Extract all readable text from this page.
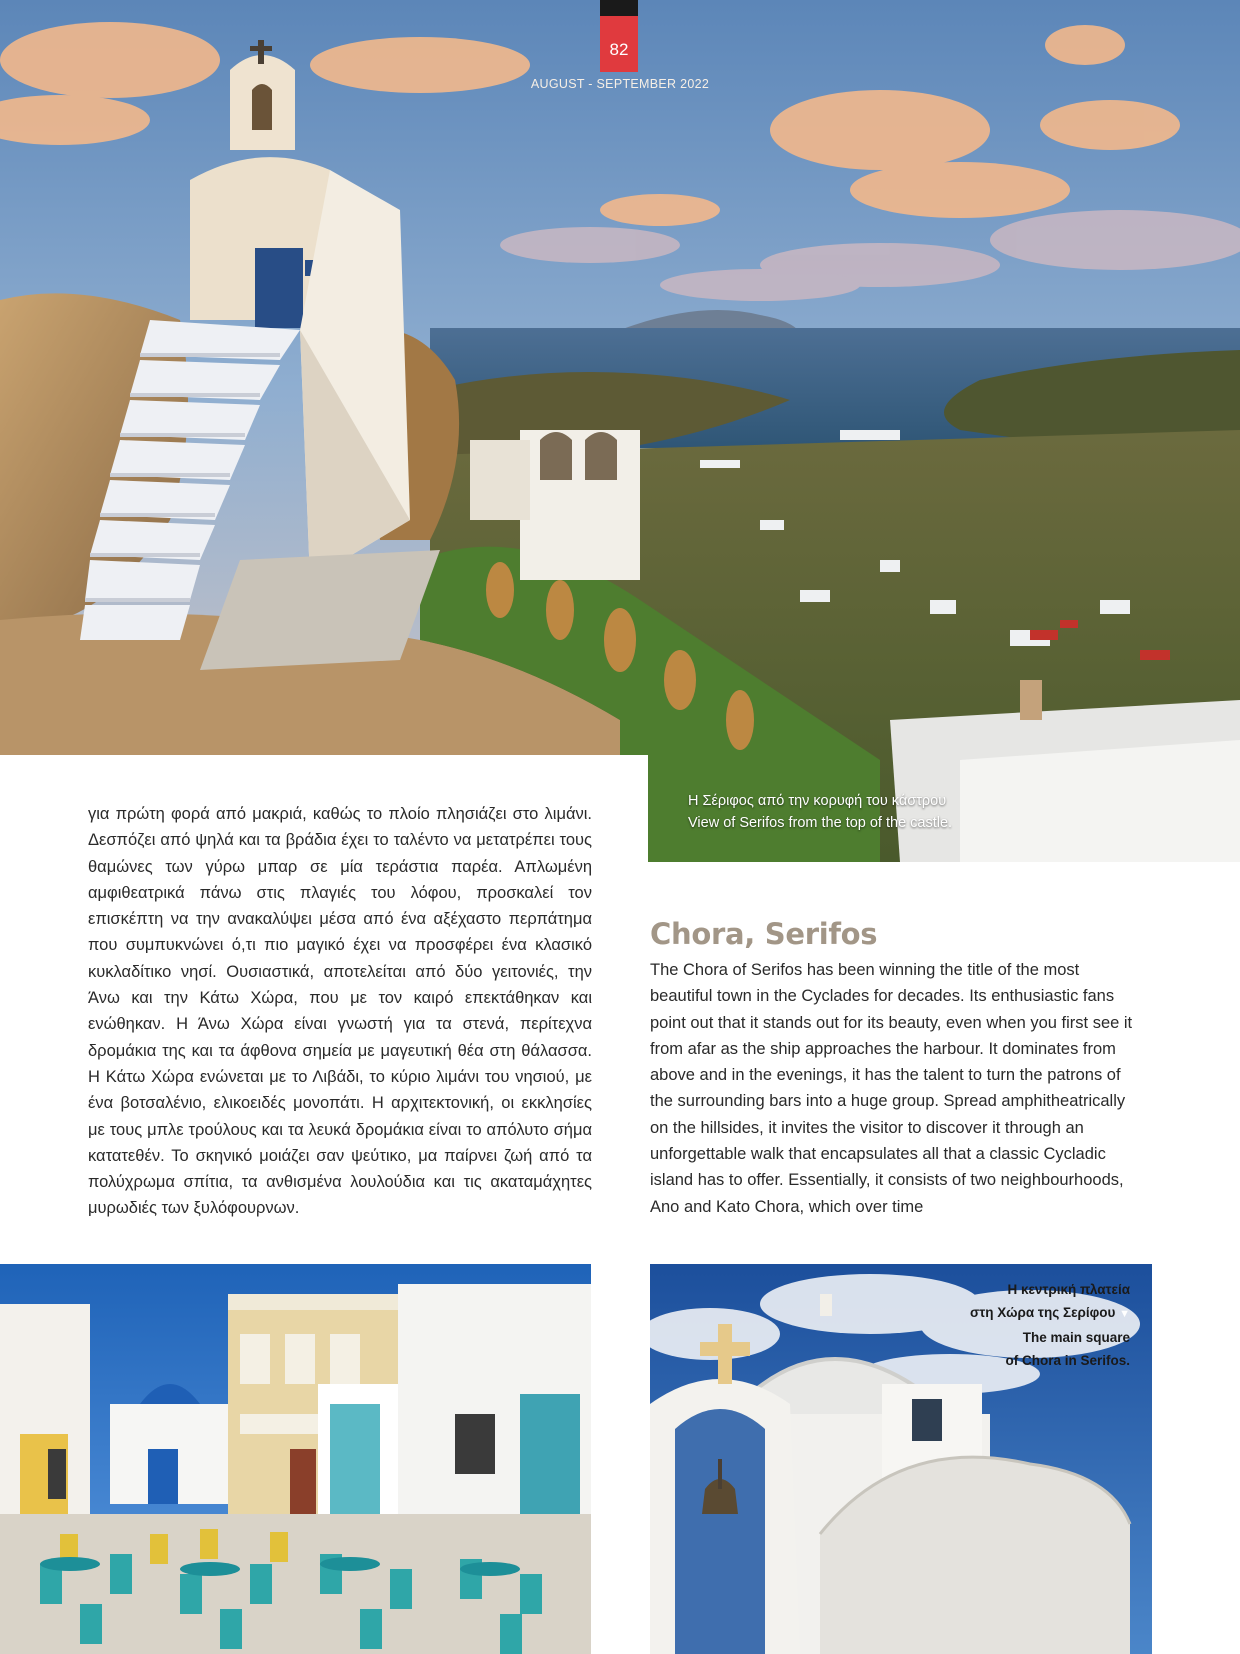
82
AUGUST - SEPTEMBER 2022
Η Σέριφος από την κορυφή του κάστρου
View of Serifos from the top of the castle.

για πρώτη φορά από μακριά, καθώς το πλοίο πλησιάζει στο λιμάνι. Δεσπόζει από ψηλά και τα βράδια έχει το ταλέντο να μετατρέπει τους θαμώνες των γύρω μπαρ σε μία τεράστια παρέα. Απλωμένη αμφιθεατρικά πάνω στις πλαγιές του λόφου, προσκαλεί τον επισκέπτη να την ανακαλύψει μέσα από ένα αξέχαστο περπάτημα που συμπυκνώνει ό,τι πιο μαγικό έχει να προσφέρει ένα κλασικό κυκλαδίτικο νησί. Ουσιαστικά, αποτελείται από δύο γειτονιές, την Άνω και την Κάτω Χώρα, που με τον καιρό επεκτάθηκαν και ενώθηκαν. Η Άνω Χώρα είναι γνωστή για τα στενά, περίτεχνα δρομάκια της και τα άφθονα σημεία με μαγευτική θέα στη θάλασσα. Η Κάτω Χώρα ενώνεται με το Λιβάδι, το κύριο λιμάνι του νησιού, με ένα βοτσαλένιο, ελικοειδές μονοπάτι. Η αρχιτεκτονική, οι εκκλησίες με τους μπλε τρούλους και τα λευκά δρομάκια είναι το απόλυτο σήμα κατατεθέν. Το σκηνικό μοιάζει σαν ψεύτικο, μα παίρνει ζωή από τα πολύχρωμα σπίτια, τα ανθισμένα λουλούδια και τις ακαταμάχητες μυρωδιές των ξυλόφουρνων.

Chora, Serifos

The Chora of Serifos has been winning the title of the most beautiful town in the Cyclades for decades. Its enthusiastic fans point out that it stands out for its beauty, even when you first see it from afar as the ship approaches the harbour. It dominates from above and in the evenings, it has the talent to turn the patrons of the surrounding bars into a huge group. Spread amphitheatrically on the hillsides, it invites the visitor to discover it through an unforgettable walk that encapsulates all that a classic Cycladic island has to offer. Essentially, it consists of two neighbourhoods, Ano and Kato Chora, which over time

Η κεντρική πλατεία
στη Χώρα της Σερίφου ▼
The main square
of Chora in Serifos.
